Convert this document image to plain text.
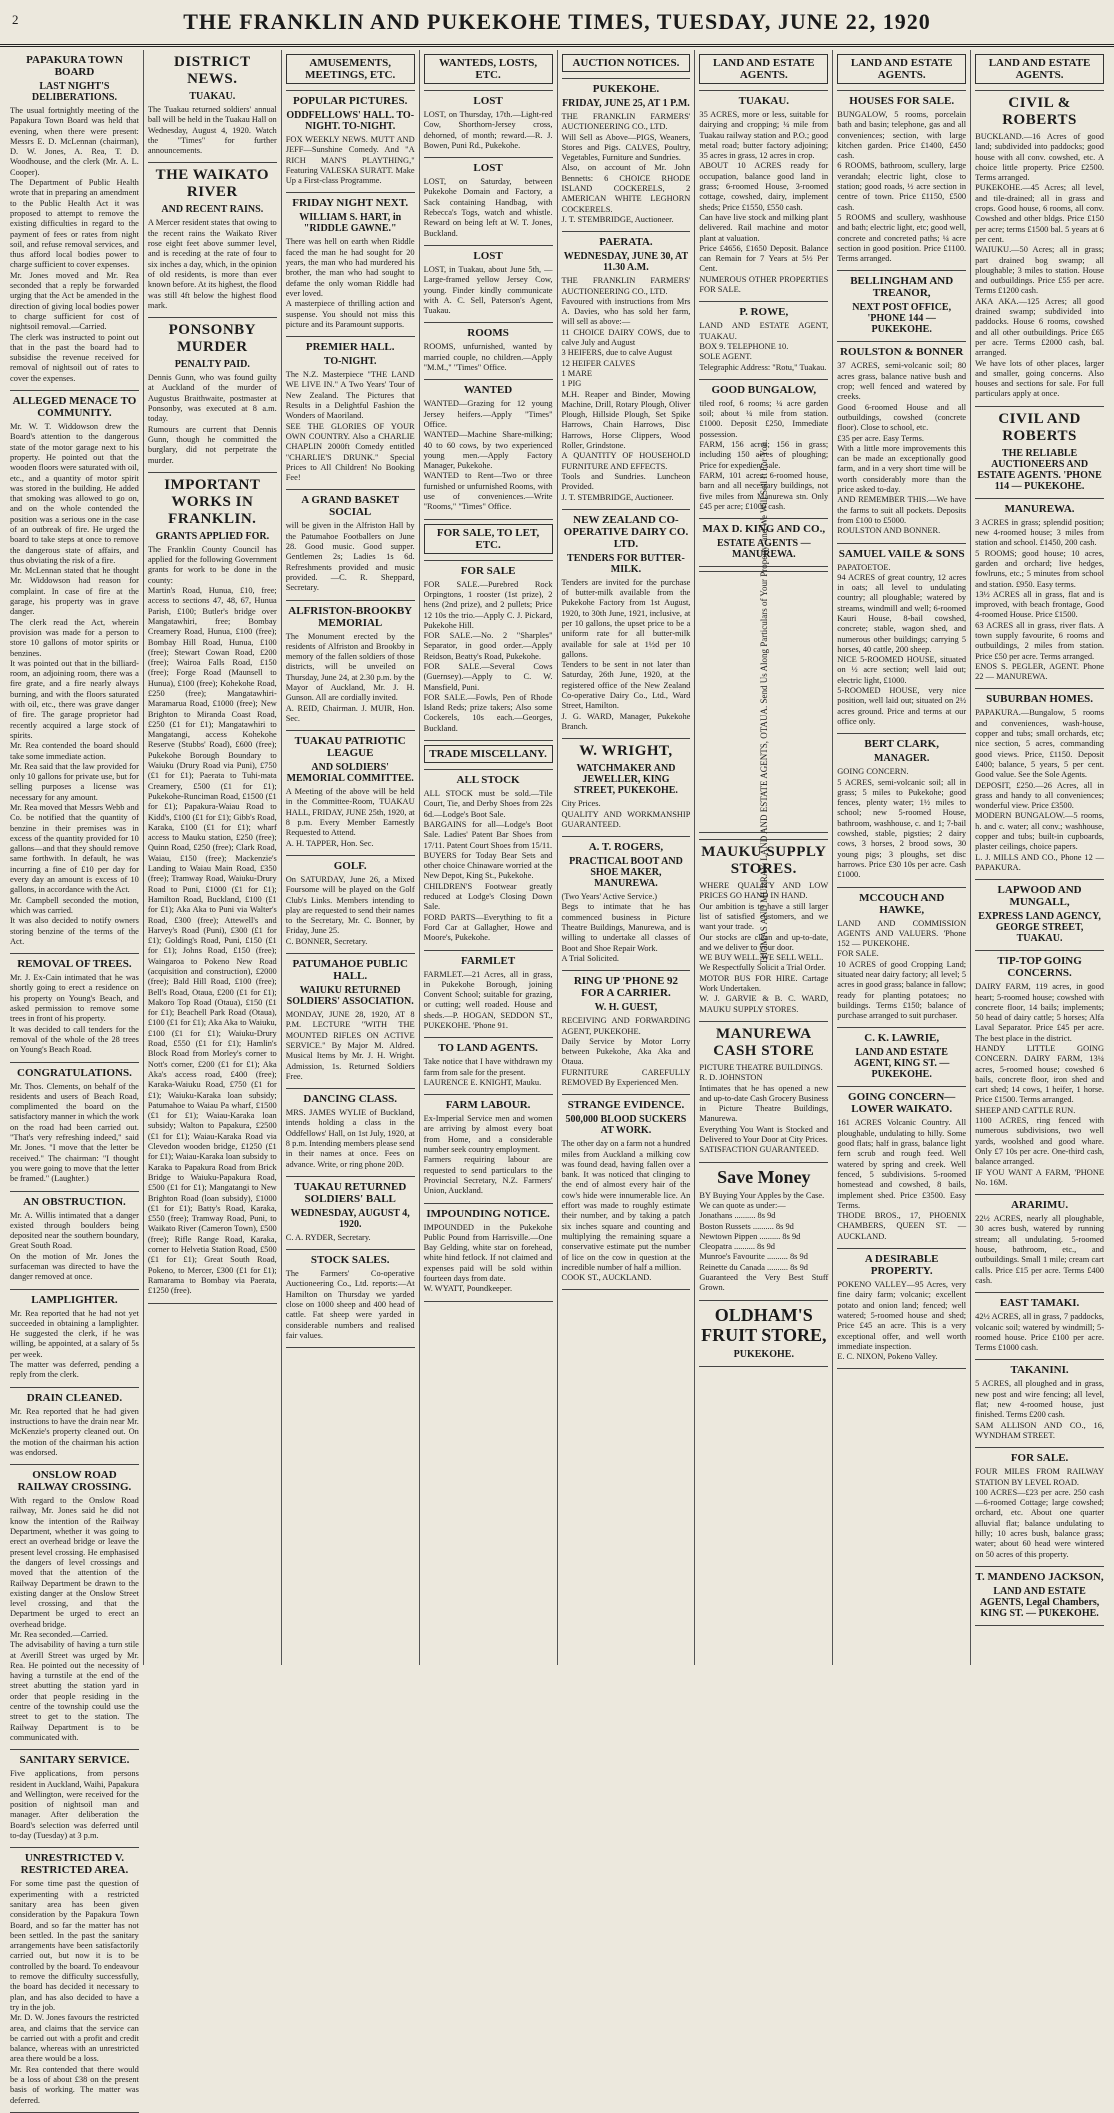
2	THE FRANKLIN AND PUKEKOHE TIMES, TUESDAY, JUNE 22, 1920
PAPAKURA TOWN BOARD
LAST NIGHT'S DELIBERATIONS.
The usual fortnightly meeting of the Papakura Town Board was held that evening, when there were present: Messrs E. D. McLennan (chairman), D. W. Jones, A. Rea, T. D. Woodhouse, and the clerk (Mr. A. L. Cooper).
The Department of Public Health wrote that in preparing an amendment to the Public Health Act it was proposed to attempt to remove the existing difficulties in regard to the payment of fees or rates from night soil, and refuse removal services, and thus afford local bodies power to charge sufficient to cover expenses.
Mr. Jones moved and Mr. Rea seconded that a reply be forwarded urging that the Act be amended in the direction of giving local bodies power to charge sufficient for cost of nightsoil removal.—Carried.
The clerk was instructed to point out that in the past the board had to subsidise the revenue received for removal of nightsoil out of rates to cover the expenses.
ALLEGED MENACE TO COMMUNITY.
Mr. W. T. Widdowson drew the Board's attention to the dangerous state of the motor garage next to his property. He pointed out that the wooden floors were saturated with oil, etc., and a quantity of motor spirit was stored in the building. He added that smoking was allowed to go on, and on the whole contended the position was a serious one in the case of an outbreak of fire. He urged the board to take steps at once to remove the dangerous state of affairs, and thus obviating the risk of a fire.
Mr. McLennan stated that he thought Mr. Widdowson had reason for complaint. In case of fire at the garage, his property was in grave danger.
The clerk read the Act, wherein provision was made for a person to store 10 gallons of motor spirits or benzines.
It was pointed out that in the billiard-room, an adjoining room, there was a fire grate, and a fire nearly always burning, and with the floors saturated with oil, etc., there was grave danger of fire. The garage proprietor had recently acquired a large stock of spirits.
Mr. Rea contended the board should take some immediate action.
Mr. Rea said that the law provided for only 10 gallons for private use, but for selling purposes a license was necessary for any amount.
Mr. Rea moved that Messrs Webb and Co. be notified that the quantity of benzine in their premises was in excess of the quantity provided for 10 gallons—and that they should remove same forthwith. In default, he was incurring a fine of £10 per day for every day an amount is excess of 10 gallons, in accordance with the Act.
Mr. Campbell seconded the motion, which was carried.
It was also decided to notify owners storing benzine of the terms of the Act.
REMOVAL OF TREES.
Mr. J. Ex-Cain intimated that he was shortly going to erect a residence on his property on Young's Beach, and asked permission to remove some trees in front of his property.
It was decided to call tenders for the removal of the whole of the 28 trees on Young's Beach Road.
CONGRATULATIONS.
Mr. Thos. Clements, on behalf of the residents and users of Beach Road, complimented the board on the satisfactory manner in which the work on the road had been carried out. "That's very refreshing indeed," said Mr. Jones. "I move that the letter be received." The chairman: "I thought you were going to move that the letter be framed." (Laughter.)
AN OBSTRUCTION.
Mr. A. Willis intimated that a danger existed through boulders being deposited near the southern boundary, Great South Road.
On the motion of Mr. Jones the surfaceman was directed to have the danger removed at once.
LAMPLIGHTER.
Mr. Rea reported that he had not yet succeeded in obtaining a lamplighter. He suggested the clerk, if he was willing, be appointed, at a salary of 5s per week.
The matter was deferred, pending a reply from the clerk.
DRAIN CLEANED.
Mr. Rea reported that he had given instructions to have the drain near Mr. McKenzie's property cleaned out. On the motion of the chairman his action was endorsed.
ONSLOW ROAD RAILWAY CROSSING.
With regard to the Onslow Road railway, Mr. Jones said he did not know the intention of the Railway Department, whether it was going to erect an overhead bridge or leave the present level crossing. He emphasised the dangers of level crossings and moved that the attention of the Railway Department be drawn to the existing danger at the Onslow Street level crossing, and that the Department be urged to erect an overhead bridge.
Mr. Rea seconded.—Carried.
The advisability of having a turn stile at Averill Street was urged by Mr. Rea. He pointed out the necessity of having a turnstile at the end of the street abutting the station yard in order that people residing in the centre of the township could use the street to get to the station. The Railway Department is to be communicated with.
SANITARY SERVICE.
Five applications, from persons resident in Auckland, Waihi, Papakura and Wellington, were received for the position of nightsoil man and manager. After deliberation the Board's selection was deferred until to-day (Tuesday) at 3 p.m.
UNRESTRICTED V. RESTRICTED AREA.
For some time past the question of experimenting with a restricted sanitary area has been given consideration by the Papakura Town Board, and so far the matter has not been settled. In the past the sanitary arrangements have been satisfactorily carried out, but now it is to be controlled by the board. To endeavour to remove the difficulty successfully, the board has decided it necessary to plan, and has also decided to have a try in the job.
Mr. D. W. Jones favours the restricted area, and claims that the service can be carried out with a profit and credit balance, whereas with an unrestricted area there would be a loss.
Mr. Rea contended that there would be a loss of about £38 on the present basis of working. The matter was deferred.
DISTRICT NEWS.
TUAKAU.
The Tuakau returned soldiers' annual ball will be held in the Tuakau Hall on Wednesday, August 4, 1920. Watch the "Times" for further announcements.
THE WAIKATO RIVER
AND RECENT RAINS.
A Mercer resident states that owing to the recent rains the Waikato River rose eight feet above summer level, and is receding at the rate of four to six inches a day, which, in the opinion of old residents, is more than ever known before. At its highest, the flood was still 4ft below the highest flood mark.
PONSONBY MURDER
PENALTY PAID.
Dennis Gunn, who was found guilty at Auckland of the murder of Augustus Braithwaite, postmaster at Ponsonby, was executed at 8 a.m. today.
Rumours are current that Dennis Gunn, though he committed the burglary, did not perpetrate the murder.
IMPORTANT WORKS IN FRANKLIN.
GRANTS APPLIED FOR.
The Franklin County Council has applied for the following Government grants for work to be done in the county:
Martin's Road, Hunua, £10, free; access to sections 47, 48, 67, Hunua Parish, £100; Butler's bridge over Mangatawhiri, free; Bombay Creamery Road, Hunua, £100 (free); Bombay Hill Road, Hunua, £100 (free); Stewart Cowan Road, £200 (free); Wairoa Falls Road, £150 (free); Forge Road (Maunsell to Hunua), £100 (free); Kohekohe Road, £250 (free); Mangatawhiri-Maramarua Road, £1000 (free); New Brighton to Miranda Coast Road, £250 (£1 for £1); Mangatawhiri to Mangatangi, access Kohekohe Reserve (Stubbs' Road), £600 (free); Pukekohe Borough Boundary to Waiuku (Drury Road via Puni), £750 (£1 for £1); Paerata to Tuhi-mata Creamery, £500 (£1 for £1); Pukekohe-Runciman Road, £1500 (£1 for £1); Papakura-Waiau Road to Kidd's, £100 (£1 for £1); Gibb's Road, Karaka, £100 (£1 for £1); wharf access to Mauku station, £250 (free); Quinn Road, £250 (free); Clark Road, Waiau, £150 (free); Mackenzie's Landing to Waiau Main Road, £350 (free); Tramway Road, Waiuku-Drury Road to Puni, £1000 (£1 for £1); Hamilton Road, Buckland, £100 (£1 for £1); Aka Aka to Puni via Walter's Road, £300 (free); Attewell's and Harvey's Road (Puni), £300 (£1 for £1); Golding's Road, Puni, £150 (£1 for £1); Johns Road, £150 (free); Waingaroa to Pokeno New Road (acquisition and construction), £2000 (free); Bald Hill Road, £100 (free); Bell's Road, Otaua, £200 (£1 for £1); Makoro Top Road (Otaua), £150 (£1 for £1); Beachell Park Road (Otaua), £100 (£1 for £1); Aka Aka to Waiuku, £100 (£1 for £1); Waiuku-Drury Road, £550 (£1 for £1); Hamlin's Block Road from Morley's corner to Nott's corner, £200 (£1 for £1); Aka Aka's access road, £400 (free); Karaka-Waiuku Road, £750 (£1 for £1); Waiuku-Karaka loan subsidy; Patumahoe to Waiau Pa wharf, £1500 (£1 for £1); Waiau-Karaka loan subsidy; Walton to Papakura, £2500 (£1 for £1); Waiau-Karaka Road via Clevedon wooden bridge, £1250 (£1 for £1); Waiau-Karaka loan subsidy to Karaka to Papakura Road from Brick Bridge to Waiuku-Papakura Road, £500 (£1 for £1); Mangatangi to New Brighton Road (loan subsidy), £1000 (£1 for £1); Batty's Road, Karaka, £550 (free); Tramway Road, Puni, to Waikato River (Cameron Town), £500 (free); Rifle Range Road, Karaka, corner to Helvetia Station Road, £500 (£1 for £1); Great South Road, Pokeno, to Mercer, £300 (£1 for £1); Ramarama to Bombay via Paerata, £1250 (free).
AMUSEMENTS, MEETINGS, ETC.
POPULAR PICTURES.
ODDFELLOWS' HALL. TO-NIGHT. TO-NIGHT.
FOX WEEKLY NEWS. MUTT AND JEFF—Sunshine Comedy. And "A RICH MAN'S PLAYTHING," Featuring VALESKA SURATT. Make Up a First-class Programme.
FRIDAY NIGHT NEXT.
WILLIAM S. HART, in "RIDDLE GAWNE."
There was hell on earth when Riddle faced the man he had sought for 20 years, the man who had murdered his brother, the man who had sought to defame the only woman Riddle had ever loved.
A masterpiece of thrilling action and suspense. You should not miss this picture and its Paramount supports.
PREMIER HALL.
TO-NIGHT.
The N.Z. Masterpiece "THE LAND WE LIVE IN." A Two Years' Tour of New Zealand. The Pictures that Results in a Delightful Fashion the Wonders of Maoriland.
SEE THE GLORIES OF YOUR OWN COUNTRY. Also a CHARLIE CHAPLIN 2000ft Comedy entitled "CHARLIE'S DRUNK." Special Prices to All Children! No Booking Fee!
A GRAND BASKET SOCIAL
will be given in the Alfriston Hall by the Patumahoe Footballers on June 28. Good music. Good supper. Gentlemen 2s; Ladies 1s 6d. Refreshments provided and music provided. —C. R. Sheppard, Secretary.
ALFRISTON-BROOKBY MEMORIAL
The Monument erected by the residents of Alfriston and Brookby in memory of the fallen soldiers of those districts, will be unveiled on Thursday, June 24, at 2.30 p.m. by the Mayor of Auckland, Mr. J. H. Gunson. All are cordially invited.
A. REID, Chairman. J. MUIR, Hon. Sec.
TUAKAU PATRIOTIC LEAGUE
AND SOLDIERS' MEMORIAL COMMITTEE.
A Meeting of the above will be held in the Committee-Room, TUAKAU HALL, FRIDAY, JUNE 25th, 1920, at 8 p.m. Every Member Earnestly Requested to Attend.
A. H. TAPPER, Hon. Sec.
GOLF.
On SATURDAY, June 26, a Mixed Foursome will be played on the Golf Club's Links. Members intending to play are requested to send their names to the Secretary, Mr. C. Bonner, by Friday, June 25.
C. BONNER, Secretary.
PATUMAHOE PUBLIC HALL.
WAIUKU RETURNED SOLDIERS' ASSOCIATION.
MONDAY, JUNE 28, 1920, AT 8 P.M. LECTURE "WITH THE MOUNTED RIFLES ON ACTIVE SERVICE." By Major M. Aldred. Musical Items by Mr. J. H. Wright. Admission, 1s. Returned Soldiers Free.
DANCING CLASS.
MRS. JAMES WYLIE of Buckland, intends holding a class in the Oddfellows' Hall, on 1st July, 1920, at 8 p.m. Intending members please send in their names at once. Fees on advance. Write, or ring phone 20D.
TUAKAU RETURNED SOLDIERS' BALL
WEDNESDAY, AUGUST 4, 1920.
C. A. RYDER, Secretary.
STOCK SALES.
The Farmers' Co-operative Auctioneering Co., Ltd. reports:—At Hamilton on Thursday we yarded close on 1000 sheep and 400 head of cattle. Fat sheep were yarded in considerable numbers and realised fair values.
WANTEDS, LOSTS, ETC.
LOST
LOST, on Thursday, 17th.—Light-red Cow, Shorthorn-Jersey cross, dehorned, of month; reward.—R. J. Bowen, Puni Rd., Pukekohe.
LOST
LOST, on Saturday, between Pukekohe Domain and Factory, a Sack containing Handbag, with Rebecca's Togs, watch and whistle. Reward on being left at W. T. Jones, Buckland.
LOST
LOST, in Tuakau, about June 5th, —Large-framed yellow Jersey Cow, young. Finder kindly communicate with A. C. Sell, Paterson's Agent, Tuakau.
ROOMS
ROOMS, unfurnished, wanted by married couple, no children.—Apply "M.M.," "Times" Office.
WANTED
WANTED—Grazing for 12 young Jersey heifers.—Apply "Times" Office.
WANTED—Machine Share-milking; 40 to 60 cows, by two experienced young men.—Apply Factory Manager, Pukekohe.
WANTED to Rent—Two or three furnished or unfurnished Rooms, with use of conveniences.—Write "Rooms," "Times" Office.
FOR SALE, TO LET, ETC.
FOR SALE
FOR SALE.—Purebred Rock Orpingtons, 1 rooster (1st prize), 2 hens (2nd prize), and 2 pullets; Price 12 10s the trio.—Apply C. J. Pickard, Pukekohe Hill.
FOR SALE.—No. 2 "Sharples" Separator, in good order.—Apply Reidson, Beatty's Road, Pukekohe.
FOR SALE.—Several Cows (Guernsey).—Apply to C. W. Mansfield, Puni.
FOR SALE.—Fowls, Pen of Rhode Island Reds; prize takers; Also some Cockerels, 10s each.—Georges, Buckland.
TRADE MISCELLANY.
ALL STOCK
ALL STOCK must be sold.—Tile Court, Tie, and Derby Shoes from 22s 6d.—Lodge's Boot Sale.
BARGAINS for all—Lodge's Boot Sale. Ladies' Patent Bar Shoes from 17/11. Patent Court Shoes from 15/11.
BUYERS for Today Bear Sets and other choice Chinaware worried at the New Depot, King St., Pukekohe.
CHILDREN'S Footwear greatly reduced at Lodge's Closing Down Sale.
FORD PARTS—Everything to fit a Ford Car at Gallagher, Howe and Moore's, Pukekohe.
FARMLET
FARMLET.—21 Acres, all in grass, in Pukekohe Borough, joining Convent School; suitable for grazing, or cutting; well roaded. House and sheds.—P. HOGAN, SEDDON ST., PUKEKOHE. 'Phone 91.
TO LAND AGENTS.
Take notice that I have withdrawn my farm from sale for the present.
LAURENCE E. KNIGHT, Mauku.
FARM LABOUR.
Ex-Imperial Service men and women are arriving by almost every boat from Home, and a considerable number seek country employment.
Farmers requiring labour are requested to send particulars to the Provincial Secretary, N.Z. Farmers' Union, Auckland.
IMPOUNDING NOTICE.
IMPOUNDED in the Pukekohe Public Pound from Harrisville.—One Bay Gelding, white star on forehead, white hind fetlock. If not claimed and expenses paid will be sold within fourteen days from date.
W. WYATT, Poundkeeper.
AUCTION NOTICES.
PUKEKOHE.
FRIDAY, JUNE 25, AT 1 P.M.
THE FRANKLIN FARMERS' AUCTIONEERING CO., LTD.
Will Sell as Above—PIGS, Weaners, Stores and Pigs. CALVES, Poultry, Vegetables, Furniture and Sundries.
Also, on account of Mr. John Bennetts: 6 CHOICE RHODE ISLAND COCKERELS, 2 AMERICAN WHITE LEGHORN COCKERELS.
J. T. STEMBRIDGE, Auctioneer.
PAERATA.
WEDNESDAY, JUNE 30, AT 11.30 A.M.
THE FRANKLIN FARMERS' AUCTIONEERING CO., LTD.
Favoured with instructions from Mrs A. Davies, who has sold her farm, will sell as above:—
11 CHOICE DAIRY COWS, due to calve July and August
3 HEIFERS, due to calve August
12 HEIFER CALVES
1 MARE
1 PIG
M.H. Reaper and Binder, Mowing Machine, Drill, Rotary Plough, Oliver Plough, Hillside Plough, Set Spike Harrows, Chain Harrows, Disc Harrows, Horse Clippers, Wood Roller, Grindstone.
A QUANTITY OF HOUSEHOLD FURNITURE AND EFFECTS.
Tools and Sundries. Luncheon Provided.
J. T. STEMBRIDGE, Auctioneer.
NEW ZEALAND CO-OPERATIVE DAIRY CO. LTD.
TENDERS FOR BUTTER-MILK.
Tenders are invited for the purchase of butter-milk available from the Pukekohe Factory from 1st August, 1920, to 30th June, 1921, inclusive, at per 10 gallons, the upset price to be a uniform rate for all butter-milk available for sale at 1½d per 10 gallons.
Tenders to be sent in not later than Saturday, 26th June, 1920, at the registered office of the New Zealand Co-operative Dairy Co., Ltd., Ward Street, Hamilton.
J. G. WARD, Manager, Pukekohe Branch.
W. WRIGHT,
WATCHMAKER AND JEWELLER, KING STREET, PUKEKOHE.
City Prices.
QUALITY AND WORKMANSHIP GUARANTEED.
A. T. ROGERS,
PRACTICAL BOOT AND SHOE MAKER, MANUREWA.
(Two Years' Active Service.)
Begs to intimate that he has commenced business in Picture Theatre Buildings, Manurewa, and is willing to undertake all classes of Boot and Shoe Repair Work.
A Trial Solicited.
RING UP 'PHONE 92 FOR A CARRIER.
W. H. GUEST,
RECEIVING AND FORWARDING AGENT, PUKEKOHE.
Daily Service by Motor Lorry between Pukekohe, Aka Aka and Otaua.
FURNITURE CAREFULLY REMOVED By Experienced Men.
STRANGE EVIDENCE.
500,000 BLOOD SUCKERS AT WORK.
The other day on a farm not a hundred miles from Auckland a milking cow was found dead, having fallen over a bank. It was noticed that clinging to the end of almost every hair of the cow's hide were innumerable lice. An effort was made to roughly estimate their number, and by taking a patch six inches square and counting and multiplying the remaining square a conservative estimate put the number of lice on the cow in question at the incredible number of half a million.
COOK ST., AUCKLAND.
LAND AND ESTATE AGENTS.
TUAKAU.
35 ACRES, more or less, suitable for dairying and cropping; ¼ mile from Tuakau railway station and P.O.; good metal road; butter factory adjoining; 35 acres in grass, 12 acres in crop.
ABOUT 10 ACRES ready for occupation, balance good land in grass; 6-roomed House, 3-roomed cottage, cowshed, dairy, implement sheds; Price £1550, £550 cash.
Can have live stock and milking plant delivered. Rail machine and motor plant at valuation.
Price £4656, £1650 Deposit. Balance can Remain for 7 Years at 5½ Per Cent.
NUMEROUS OTHER PROPERTIES FOR SALE.
P. ROWE,
LAND AND ESTATE AGENT, TUAKAU.
BOX 9. TELEPHONE 10.
SOLE AGENT.
Telegraphic Address: "Rotu," Tuakau.
GOOD BUNGALOW,
tiled roof, 6 rooms; ¼ acre garden soil; about ¼ mile from station. £1000. Deposit £250, Immediate possession.
FARM, 156 acres; 156 in grass; including 150 acres of ploughing; Price for expedient sale.
FARM, 101 acres, 6-roomed house, barn and all necessary buildings, not five miles from Manurewa stn. Only £45 per acre; £1000 cash.
MAX D. KING AND CO.,
ESTATE AGENTS — MANUREWA.
THOMAS AND MURRAY, LAND AND ESTATE AGENTS, OTAUA. Send Us Along Particulars of Your Property, and We Will Sell It For You.
MAUKU SUPPLY STORES.
WHERE QUALITY AND LOW PRICES GO HAND IN HAND.
Our ambition is to have a still larger list of satisfied customers, and we want your trade.
Our stocks are clean and up-to-date, and we deliver to your door.
WE BUY WELL. WE SELL WELL.
We Respectfully Solicit a Trial Order.
MOTOR BUS FOR HIRE. Cartage Work Undertaken.
W. J. GARVIE & B. C. WARD, MAUKU SUPPLY STORES.
MANUREWA CASH STORE
PICTURE THEATRE BUILDINGS.
R. D. JOHNSTON
Intimates that he has opened a new and up-to-date Cash Grocery Business in Picture Theatre Buildings, Manurewa.
Everything You Want is Stocked and Delivered to Your Door at City Prices.
SATISFACTION GUARANTEED.
Save Money
BY Buying Your Apples by the Case.
We can quote as under:—
Jonathans .......... 8s 9d
Boston Russets .......... 8s 9d
Newtown Pippen .......... 8s 9d
Cleopatra .......... 8s 9d
Munroe's Favourite .......... 8s 9d
Reinette du Canada .......... 8s 9d
Guaranteed the Very Best Stuff Grown.
OLDHAM'S FRUIT STORE,
PUKEKOHE.
LAND AND ESTATE AGENTS.
HOUSES FOR SALE.
BUNGALOW, 5 rooms, porcelain bath and basin; telephone, gas and all conveniences; section, with large kitchen garden. Price £1400, £450 cash.
6 ROOMS, bathroom, scullery, large verandah; electric light, close to station; good roads, ½ acre section in centre of town. Price £1150, £500 cash.
5 ROOMS and scullery, washhouse and bath; electric light, etc; good well, concrete and concreted paths; ¼ acre section in good position. Price £1100. Terms arranged.
BELLINGHAM AND TREANOR,
NEXT POST OFFICE, 'PHONE 144 — PUKEKOHE.
ROULSTON & BONNER
37 ACRES, semi-volcanic soil; 80 acres grass, balance native bush and crop; well fenced and watered by creeks.
Good 6-roomed House and all outbuildings, cowshed (concrete floor). Close to school, etc.
£35 per acre. Easy Terms.
With a little more improvements this can be made an exceptionally good farm, and in a very short time will be worth considerably more than the price asked to-day.
AND REMEMBER THIS.—We have the farms to suit all pockets. Deposits from £100 to £5000.
ROULSTON AND BONNER.
SAMUEL VAILE & SONS
PAPATOETOE.
94 ACRES of great country, 12 acres in oats; all level to undulating country; all ploughable; watered by streams, windmill and well; 6-roomed Kauri House, 8-bail cowshed, concrete; stable, wagon shed, and numerous other buildings; carrying 5 horses, 40 cattle, 200 sheep.
NICE 5-ROOMED HOUSE, situated on ½ acre section; well laid out; electric light, £1000.
5-ROOMED HOUSE, very nice position, well laid out; situated on 2½ acres ground. Price and terms at our office only.
BERT CLARK,
MANAGER.
GOING CONCERN.
5 ACRES, semi-volcanic soil; all in grass; 5 miles to Pukekohe; good fences, plenty water; 1½ miles to school; new 5-roomed House, bathroom, washhouse, c. and 1; 7-bail cowshed, stable, pigsties; 2 dairy cows, 3 horses, 2 brood sows, 30 young pigs; 3 ploughs, set disc harrows. Price £30 10s per acre. Cash £1000.
MCCOUCH AND HAWKE,
LAND AND COMMISSION AGENTS AND VALUERS. 'Phone 152 — PUKEKOHE.
FOR SALE.
10 ACRES of good Cropping Land; situated near dairy factory; all level; 5 acres in good grass; balance in fallow; ready for planting potatoes; no buildings. Terms £150; balance of purchase arranged to suit purchaser.
C. K. LAWRIE,
LAND AND ESTATE AGENT, KING ST. — PUKEKOHE.
GOING CONCERN—LOWER WAIKATO.
161 ACRES Volcanic Country. All ploughable, undulating to hilly. Some good flats; half in grass, balance light fern scrub and rough feed. Well watered by spring and creek. Well fenced, 5 subdivisions. 5-roomed homestead and cowshed, 8 bails, implement shed. Price £3500. Easy Terms.
THODE BROS., 17, PHOENIX CHAMBERS, QUEEN ST. — AUCKLAND.
A DESIRABLE PROPERTY.
POKENO VALLEY—95 Acres, very fine dairy farm; volcanic; excellent potato and onion land; fenced; well watered; 5-roomed house and shed; Price £45 an acre. This is a very exceptional offer, and well worth immediate inspection.
E. C. NIXON, Pokeno Valley.
LAND AND ESTATE AGENTS.
CIVIL & ROBERTS
BUCKLAND.—16 Acres of good land; subdivided into paddocks; good house with all conv. cowshed, etc. A choice little property. Price £2500. Terms arranged.
PUKEKOHE.—45 Acres; all level, and tile-drained; all in grass and crops. Good house, 6 rooms, all conv. Cowshed and other bldgs. Price £150 per acre; terms £1500 bal. 5 years at 6 per cent.
WAIUKU.—50 Acres; all in grass; part drained bog swamp; all ploughable; 3 miles to station. House and outbuildings. Price £55 per acre. Terms £1200 cash.
AKA AKA.—125 Acres; all good drained swamp; subdivided into paddocks. House 6 rooms, cowshed and all other outbuildings. Price £65 per acre. Terms £2000 cash, bal. arranged.
We have lots of other places, larger and smaller, going concerns. Also houses and sections for sale. For full particulars apply at once.
CIVIL AND ROBERTS
THE RELIABLE AUCTIONEERS AND ESTATE AGENTS. 'PHONE 114 — PUKEKOHE.
MANUREWA.
3 ACRES in grass; splendid position; new 4-roomed house; 3 miles from station and school. £1450, 200 cash.
5 ROOMS; good house; 10 acres, garden and orchard; live hedges, fowlruns, etc.; 5 minutes from school and station. £950. Easy terms.
13½ ACRES all in grass, flat and is improved, with beach frontage, Good 4-roomed House. Price £1500.
63 ACRES all in grass, river flats. A town supply favourite, 6 rooms and outbuildings, 2 miles from station. Price £50 per acre. Terms arranged.
ENOS S. PEGLER, AGENT. Phone 22 — MANUREWA.
SUBURBAN HOMES.
PAPAKURA.—Bungalow, 5 rooms and conveniences, wash-house, copper and tubs; small orchards, etc; nice section, 5 acres, commanding good views. Price, £1150. Deposit £400; balance, 5 years, 5 per cent. Good value. See the Sole Agents.
DEPOSIT, £250.—26 Acres, all in grass and handy to all conveniences; wonderful view. Price £3500.
MODERN BUNGALOW.—5 rooms, h. and c. water; all conv.; washhouse, copper and tubs; built-in cupboards, plaster ceilings, choice papers.
L. J. MILLS AND CO., Phone 12 — PAPAKURA.
LAPWOOD AND MUNGALL,
EXPRESS LAND AGENCY, GEORGE STREET, TUAKAU.
TIP-TOP GOING CONCERNS.
DAIRY FARM, 119 acres, in good heart; 5-roomed house; cowshed with concrete floor, 14 bails; implements; 50 head of dairy cattle; 5 horses; Alfa Laval Separator. Price £45 per acre. The best place in the district.
HANDY LITTLE GOING CONCERN. DAIRY FARM, 13¼ acres, 5-roomed house; cowshed 6 bails, concrete floor, iron shed and cart shed; 14 cows, 1 heifer, 1 horse. Price £1500. Terms arranged.
SHEEP AND CATTLE RUN.
1100 ACRES, ring fenced with numerous subdivisions, two well yards, woolshed and good whare. Only £7 10s per acre. One-third cash, balance arranged.
IF YOU WANT A FARM, 'PHONE No. 16M.
ARARIMU.
22½ ACRES, nearly all ploughable, 30 acres bush, watered by running stream; all undulating. 5-roomed house, bathroom, etc., and outbuildings. Small 1 mile; cream cart calls. Price £15 per acre. Terms £400 cash.
EAST TAMAKI.
42½ ACRES, all in grass, 7 paddocks, volcanic soil; watered by windmill; 5-roomed house. Price £100 per acre. Terms £1000 cash.
TAKANINI.
5 ACRES, all ploughed and in grass, new post and wire fencing; all level, flat; new 4-roomed house, just finished. Terms £200 cash.
SAM ALLISON AND CO., 16, WYNDHAM STREET.
FOR SALE.
FOUR MILES FROM RAILWAY STATION BY LEVEL ROAD.
100 ACRES—£23 per acre. 250 cash—6-roomed Cottage; large cowshed; orchard, etc. About one quarter alluvial flat; balance undulating to hilly; 10 acres bush, balance grass; water; about 60 head were wintered on 50 acres of this property.
T. MANDENO JACKSON,
LAND AND ESTATE AGENTS, Legal Chambers, KING ST. — PUKEKOHE.
